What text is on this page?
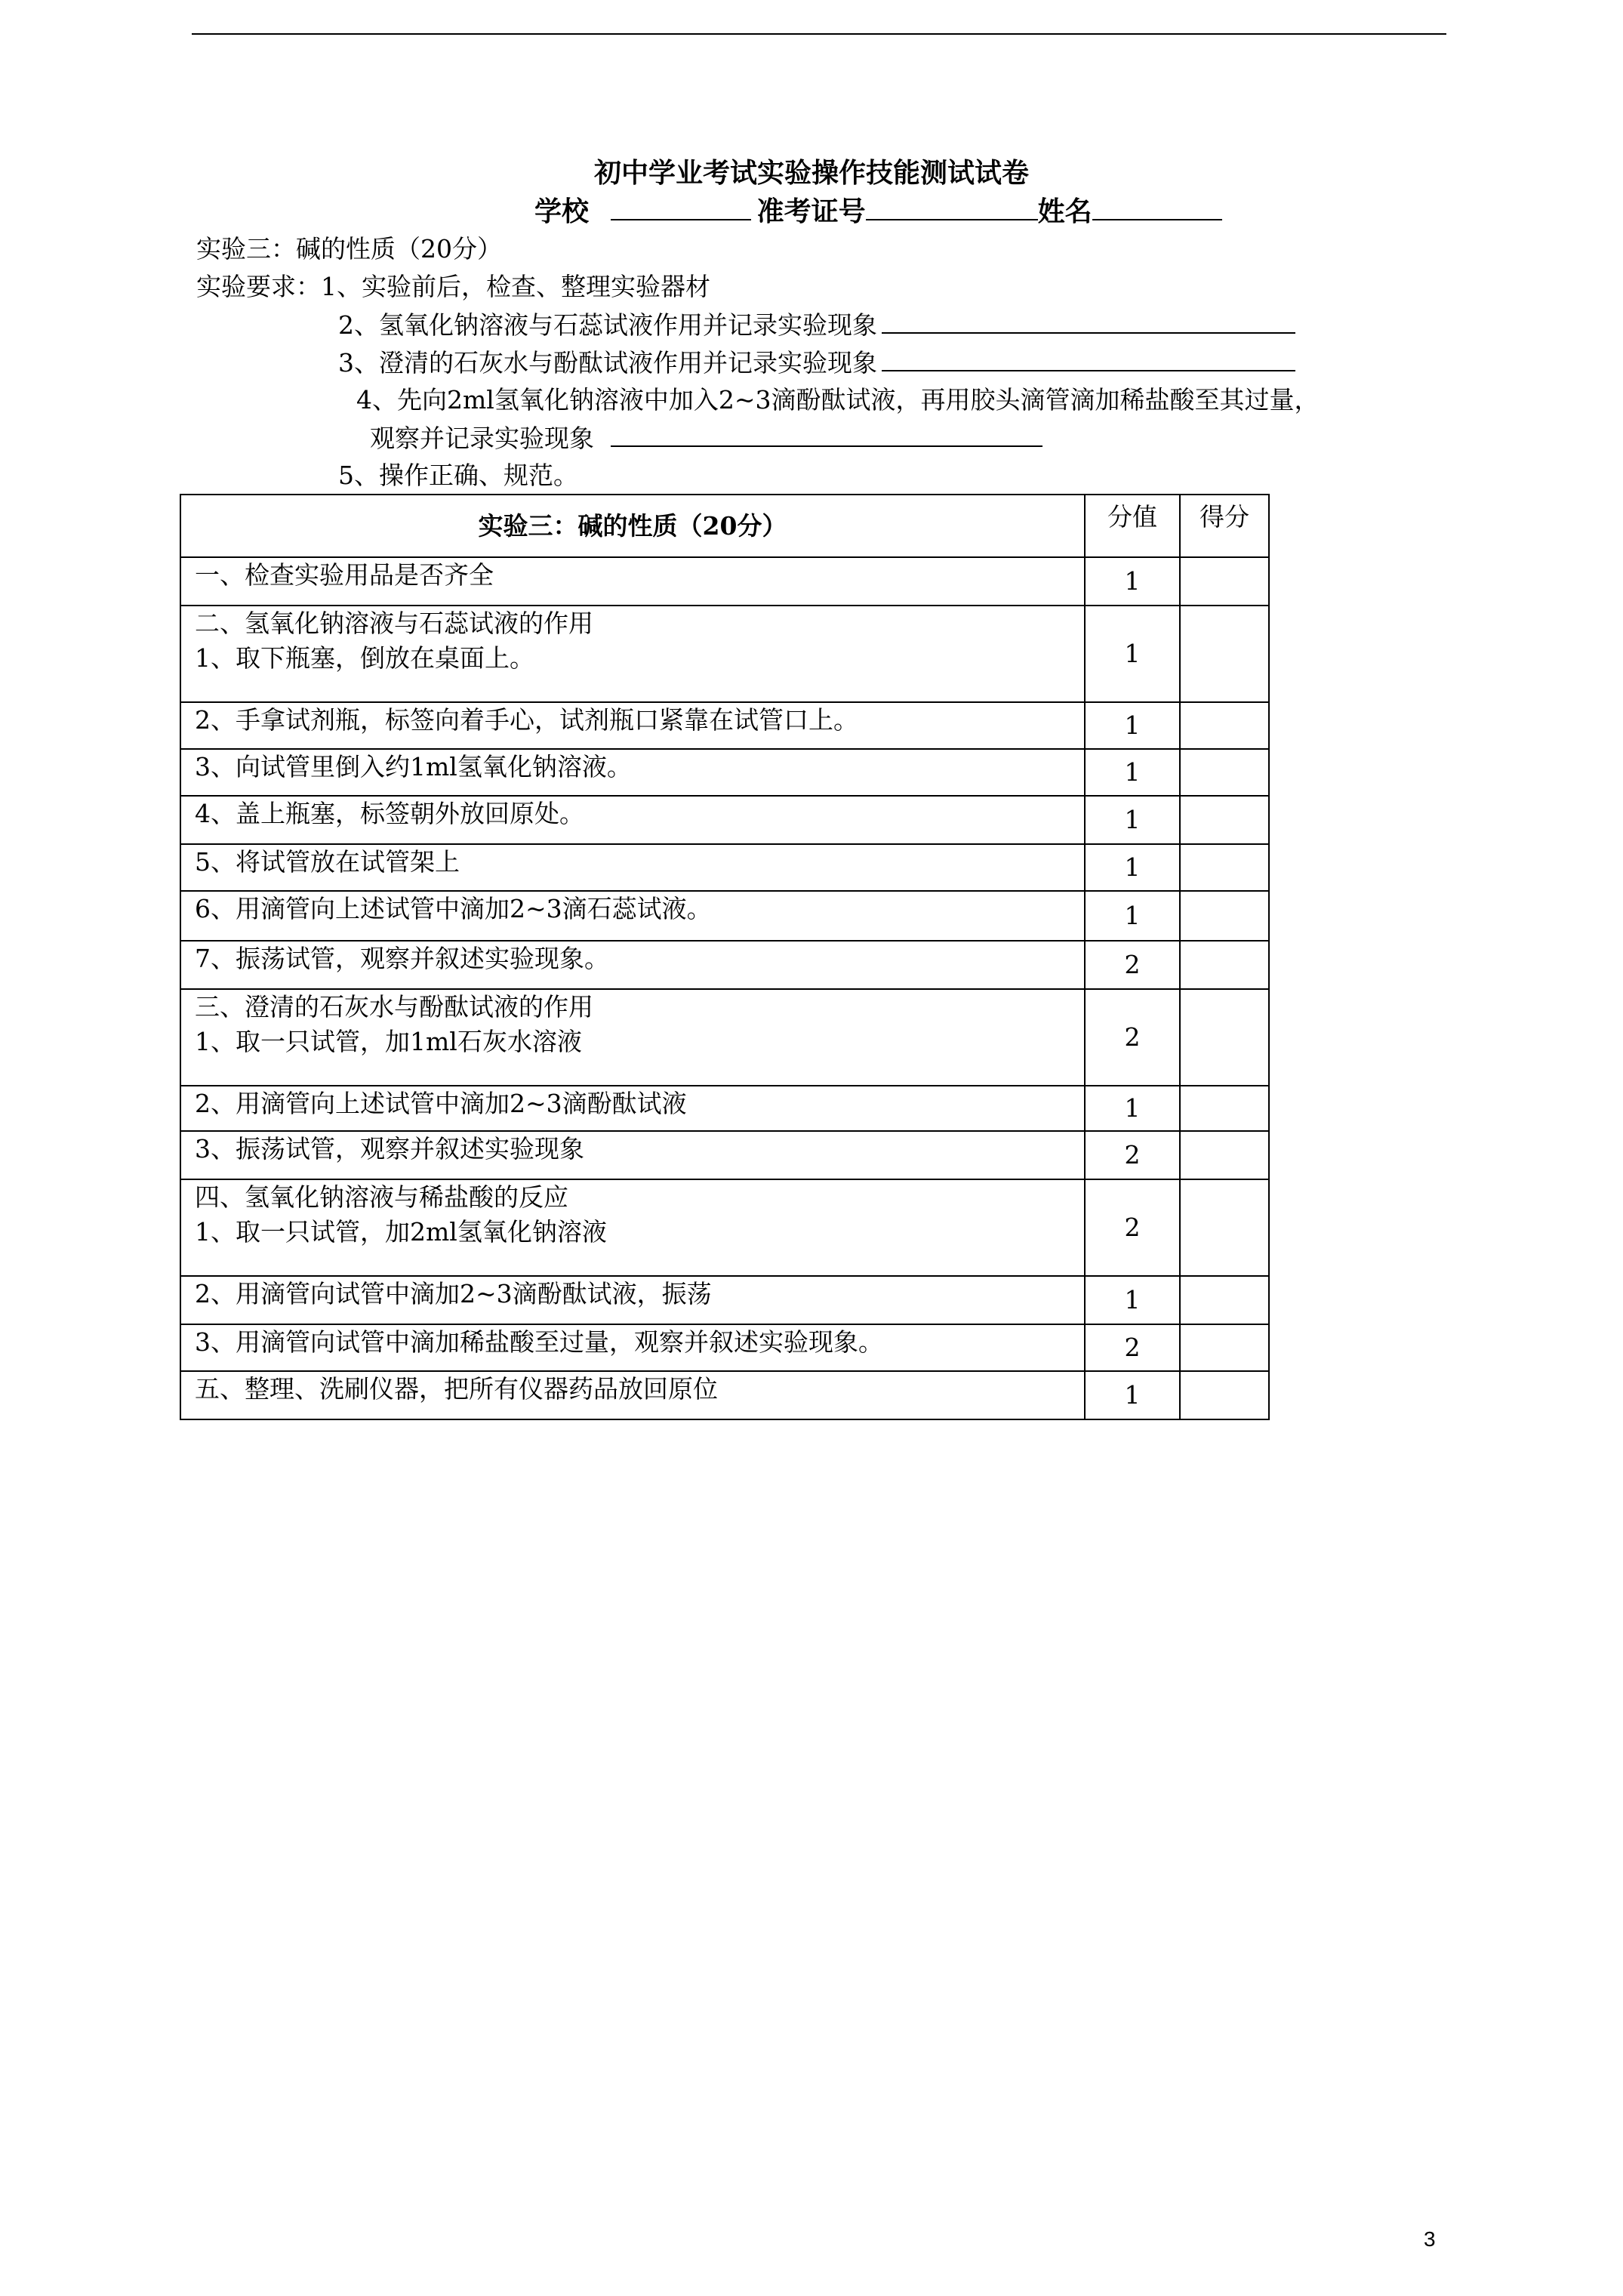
初中学业考试实验操作技能测试试卷
学校	准考证号	姓名
实验三：碱的性质（20分）
实验要求：1、实验前后，检查、整理实验器材
2、氢氧化钠溶液与石蕊试液作用并记录实验现象
3、澄清的石灰水与酚酞试液作用并记录实验现象
4、先向2ml氢氧化钠溶液中加入2~3滴酚酞试液，再用胶头滴管滴加稀盐酸至其过量，
观察并记录实验现象
5、操作正确、规范。
实验三：碱的性质（20分）	分值	得分

一、检查实验用品是否齐全	1	

二、氢氧化钠溶液与石蕊试液的作用
1、取下瓶塞，倒放在桌面上。	1	

2、手拿试剂瓶，标签向着手心，试剂瓶口紧靠在试管口上。	1	

3、向试管里倒入约1ml氢氧化钠溶液。	1	

4、盖上瓶塞，标签朝外放回原处。	1	

5、将试管放在试管架上	1	

6、用滴管向上述试管中滴加2~3滴石蕊试液。	1	

7、振荡试管，观察并叙述实验现象。	2	

三、澄清的石灰水与酚酞试液的作用
1、取一只试管，加1ml石灰水溶液	2	

2、用滴管向上述试管中滴加2~3滴酚酞试液	1	

3、振荡试管，观察并叙述实验现象	2	

四、氢氧化钠溶液与稀盐酸的反应
1、取一只试管，加2ml氢氧化钠溶液	2	

2、用滴管向试管中滴加2~3滴酚酞试液，振荡	1	

3、用滴管向试管中滴加稀盐酸至过量，观察并叙述实验现象。	2	

五、整理、洗刷仪器，把所有仪器药品放回原位	1	
3
